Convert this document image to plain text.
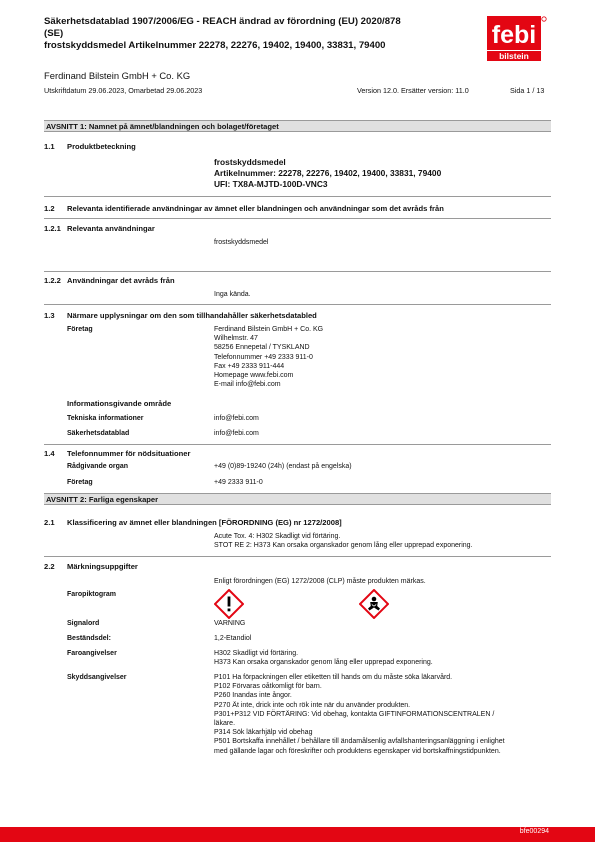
Säkerhetsdatablad 1907/2006/EG - REACH ändrad av förordning (EU) 2020/878
(SE)
frostskyddsmedel Artikelnummer 22278, 22276, 19402, 19400, 33831, 79400	febi
bilstein
Ferdinand Bilstein GmbH + Co. KG
Utskriftdatum 29.06.2023, Omarbetad 29.06.2023	Version 12.0. Ersätter version: 11.0	Sida 1 / 13
AVSNITT 1: Namnet på ämnet/blandningen och bolaget/företaget
1.1 Produktbeteckning
frostskyddsmedel
Artikelnummer: 22278, 22276, 19402, 19400, 33831, 79400
UFI: TX8A-MJTD-100D-VNC3
1.2 Relevanta identifierade användningar av ämnet eller blandningen och användningar som det avråds från
1.2.1 Relevanta användningar
frostskyddsmedel
1.2.2 Användningar det avråds från
Inga kända.
1.3 Närmare upplysningar om den som tillhandahåller säkerhetsdatabled
Företag	Ferdinand Bilstein GmbH + Co. KG
Wilhelmstr. 47
58256 Ennepetal / TYSKLAND
Telefonnummer +49 2333 911-0
Fax +49 2333 911-444
Homepage www.febi.com
E-mail info@febi.com
Informationsgivande område
Tekniska informationer	info@febi.com
Säkerhetsdatablad	info@febi.com
1.4 Telefonnummer för nödsituationer
Rådgivande organ	+49 (0)89-19240 (24h) (endast på engelska)
Företag	+49 2333 911-0
AVSNITT 2: Farliga egenskaper
2.1 Klassificering av ämnet eller blandningen [FÖRORDNING (EG) nr 1272/2008]
Acute Tox. 4: H302 Skadligt vid förtäring.
STOT RE 2: H373 Kan orsaka organskador genom lång eller upprepad exponering.
2.2 Märkningsuppgifter
Enligt förordningen (EG) 1272/2008 (CLP) måste produkten märkas.
Faropiktogram
Signalord	VARNING
Beständsdel:	1,2-Etandiol
Faroangivelser	H302 Skadligt vid förtäring.
H373 Kan orsaka organskador genom lång eller upprepad exponering.
Skyddsangivelser	P101 Ha förpackningen eller etiketten till hands om du måste söka läkarvård.
P102 Förvaras oåtkomligt för barn.
P260 Inandas inte ångor.
P270 Ät inte, drick inte och rök inte när du använder produkten.
P301+P312 VID FÖRTÄRING: Vid obehag, kontakta GIFTINFORMATIONSCENTRALEN /
läkare.
P314 Sök läkarhjälp vid obehag
P501 Bortskaffa innehållet / behållare till ändamålsenlig avfallshanteringsanläggning i enlighet
med gällande lagar och föreskrifter och produktens egenskaper vid bortskaffningstidpunkten.
bfe00294
